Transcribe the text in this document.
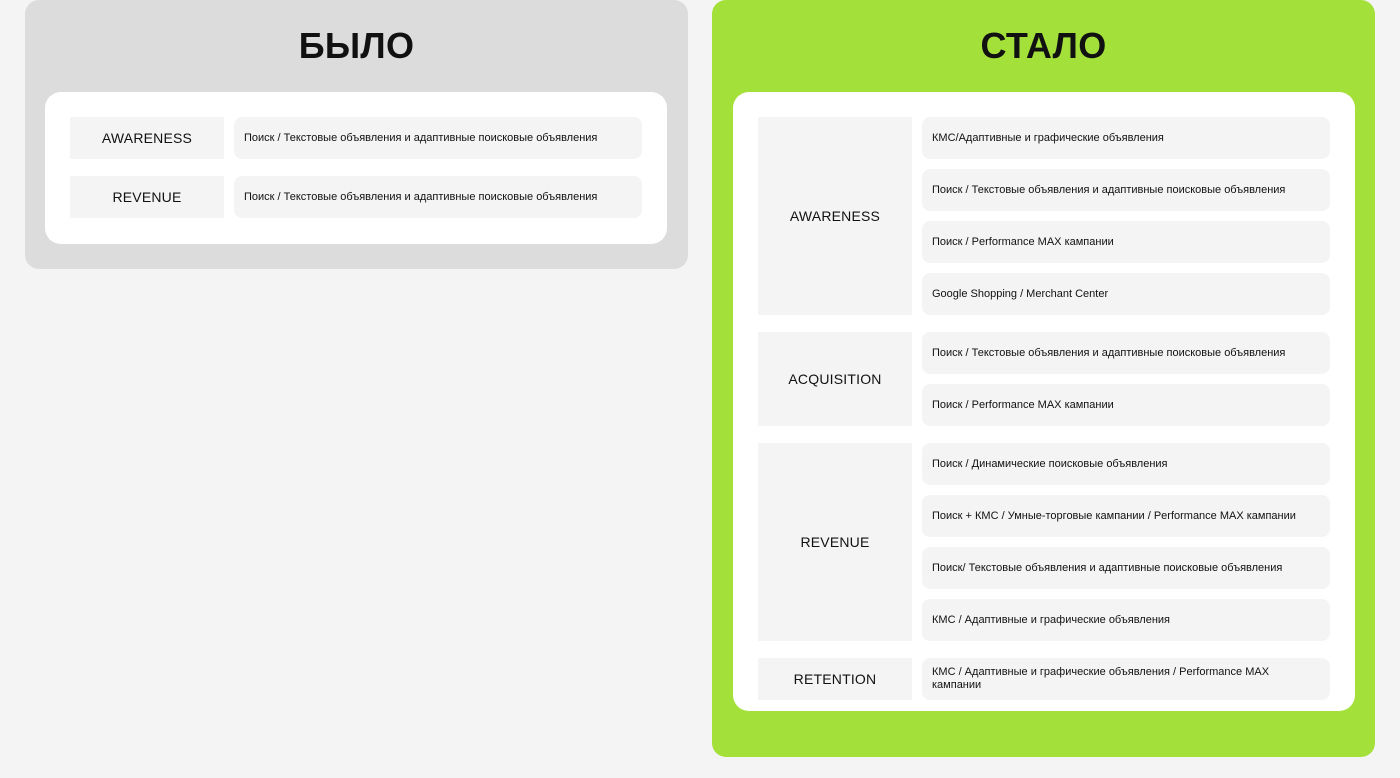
БЫЛО
AWARENESS	Поиск / Текстовые объявления и адаптивные поисковые объявления
REVENUE	Поиск / Текстовые объявления и адаптивные поисковые объявления
СТАЛО
AWARENESS
КМС/Адаптивные и графические объявления
Поиск / Текстовые объявления и адаптивные поисковые объявления
Поиск / Performance MAX кампании
Google Shopping / Merchant Center
ACQUISITION
Поиск / Текстовые объявления и адаптивные поисковые объявления
Поиск / Performance MAX кампании
REVENUE
Поиск / Динамические поисковые объявления
Поиск + КМС / Умные-торговые кампании / Performance MAX кампании
Поиск/ Текстовые объявления и адаптивные поисковые объявления
КМС / Адаптивные и графические объявления
RETENTION	КМС / Адаптивные и графические объявления / Performance MAX кампании
